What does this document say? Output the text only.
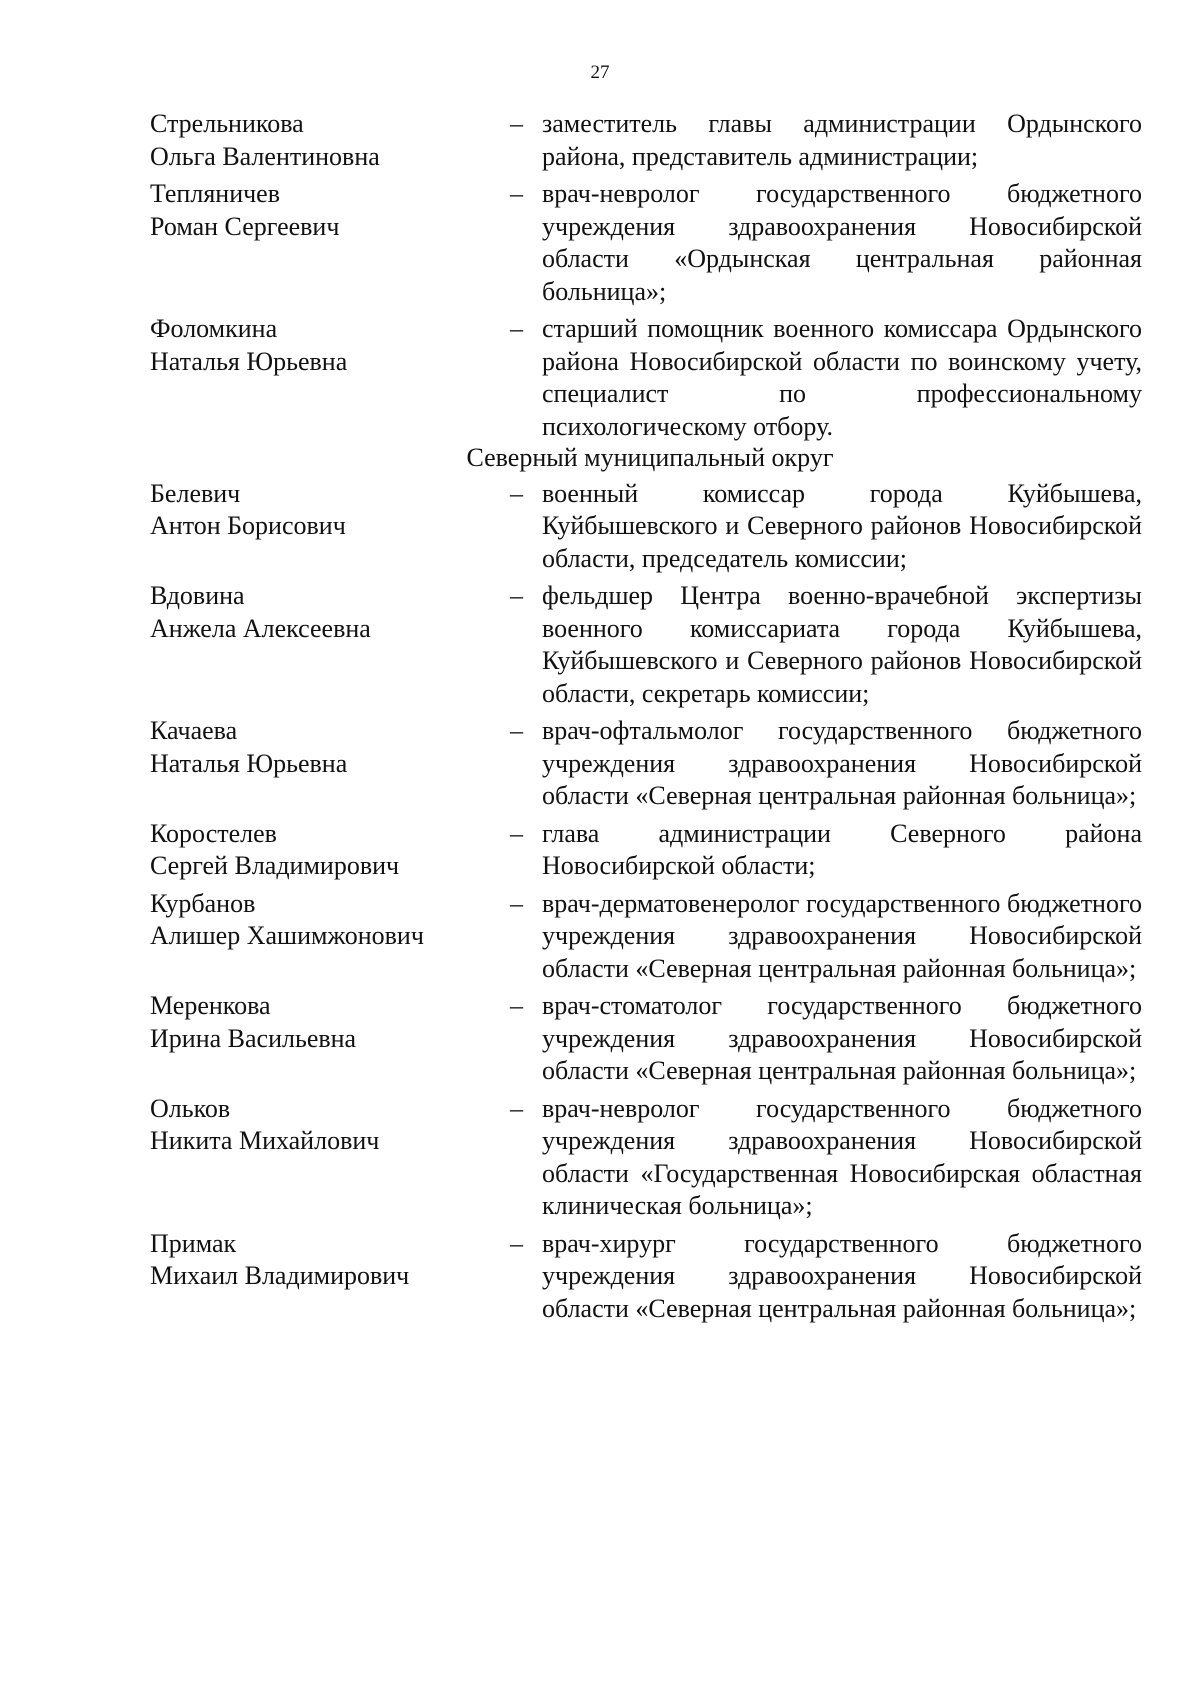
27
Стрельникова
Ольга Валентиновна
– заместитель главы администрации Ордынского района, представитель администрации;
Тепляничев
Роман Сергеевич
– врач-невролог государственного бюджетного учреждения здравоохранения Новосибирской области «Ордынская центральная районная больница»;
Фоломкина
Наталья Юрьевна
– старший помощник военного комиссара Ордынского района Новосибирской области по воинскому учету, специалист по профессиональному психологическому отбору.
Северный муниципальный округ
Белевич
Антон Борисович
– военный комиссар города Куйбышева, Куйбышевского и Северного районов Новосибирской области, председатель комиссии;
Вдовина
Анжела Алексеевна
– фельдшер Центра военно-врачебной экспертизы военного комиссариата города Куйбышева, Куйбышевского и Северного районов Новосибирской области, секретарь комиссии;
Качаева
Наталья Юрьевна
– врач-офтальмолог государственного бюджетного учреждения здравоохранения Новосибирской области «Северная центральная районная больница»;
Коростелев
Сергей Владимирович
– глава администрации Северного района Новосибирской области;
Курбанов
Алишер Хашимжонович
– врач-дерматовенеролог государственного бюджетного учреждения здравоохранения Новосибирской области «Северная центральная районная больница»;
Меренкова
Ирина Васильевна
– врач-стоматолог государственного бюджетного учреждения здравоохранения Новосибирской области «Северная центральная районная больница»;
Ольков
Никита Михайлович
– врач-невролог государственного бюджетного учреждения здравоохранения Новосибирской области «Государственная Новосибирская областная клиническая больница»;
Примак
Михаил Владимирович
– врач-хирург государственного бюджетного учреждения здравоохранения Новосибирской области «Северная центральная районная больница»;
